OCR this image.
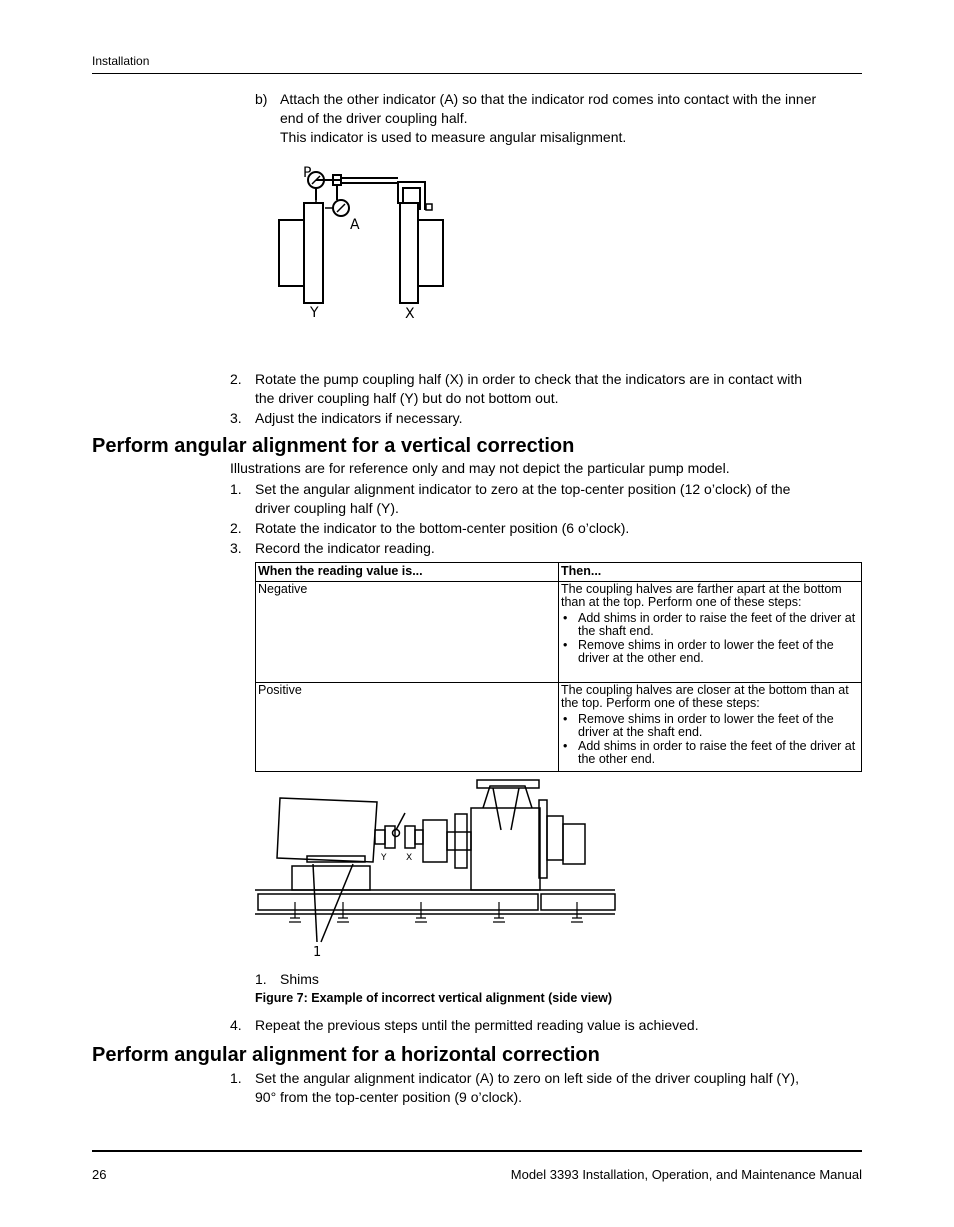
Installation
b) Attach the other indicator (A) so that the indicator rod comes into contact with the inner
end of the driver coupling half.
This indicator is used to measure angular misalignment.
P
A
Y	X
2. Rotate the pump coupling half (X) in order to check that the indicators are in contact with
the driver coupling half (Y) but do not bottom out.
3. Adjust the indicators if necessary.
Perform angular alignment for a vertical correction
Illustrations are for reference only and may not depict the particular pump model.
1. Set the angular alignment indicator to zero at the top-center position (12 o’clock) of the
driver coupling half (Y).
2. Rotate the indicator to the bottom-center position (6 o’clock).
3. Record the indicator reading.
When the reading value is...	Then...
Negative	The coupling halves are farther apart at the bottom than at the top. Perform one of these steps:

• Add shims in order to raise the feet of the driver at the shaft end.

• Remove shims in order to lower the feet of the driver at the other end.

Positive	The coupling halves are closer at the bottom than at the top. Perform one of these steps:

• Remove shims in order to lower the feet of the driver at the shaft end.

• Add shims in order to raise the feet of the driver at the other end.

1
Y X
1. Shims
Figure 7: Example of incorrect vertical alignment (side view)
4. Repeat the previous steps until the permitted reading value is achieved.
Perform angular alignment for a horizontal correction
1. Set the angular alignment indicator (A) to zero on left side of the driver coupling half (Y),
90° from the top-center position (9 o’clock).
26	Model 3393 Installation, Operation, and Maintenance Manual
